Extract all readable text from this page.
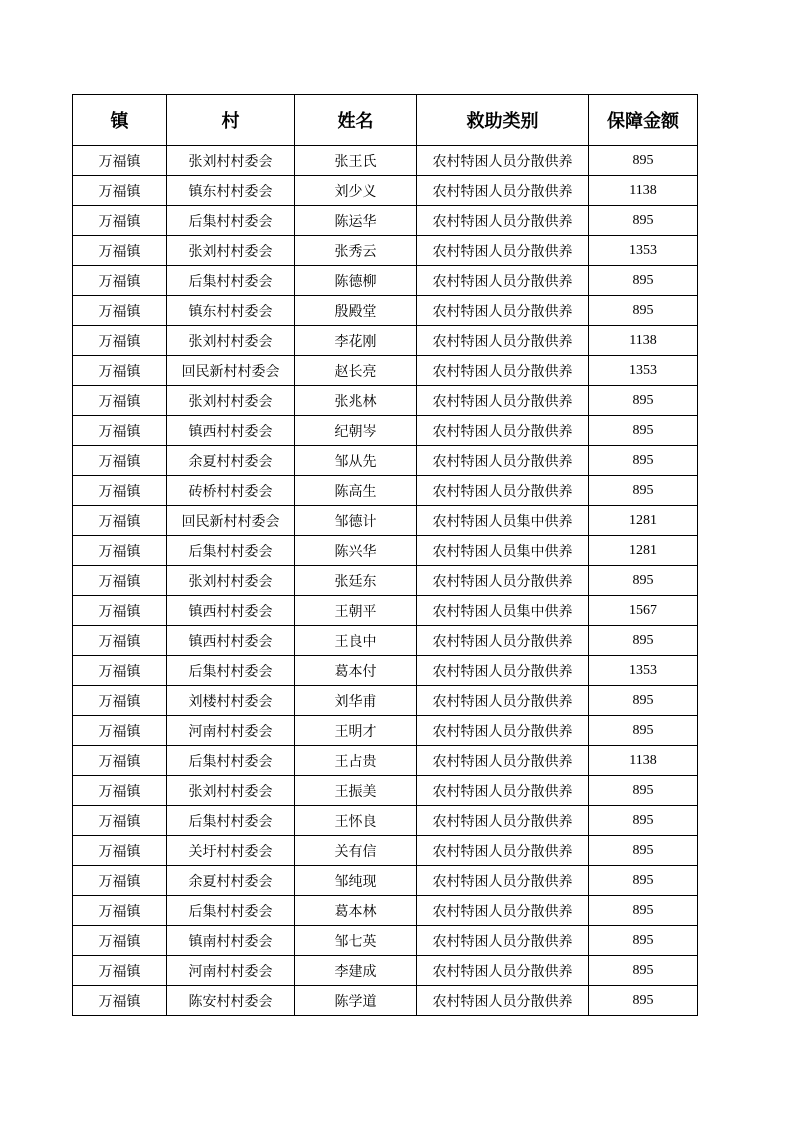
镇	村	姓名	救助类别	保障金额
万福镇	张刘村村委会	张王氏	农村特困人员分散供养	895
万福镇	镇东村村委会	刘少义	农村特困人员分散供养	1138
万福镇	后集村村委会	陈运华	农村特困人员分散供养	895
万福镇	张刘村村委会	张秀云	农村特困人员分散供养	1353
万福镇	后集村村委会	陈德柳	农村特困人员分散供养	895
万福镇	镇东村村委会	殷殿堂	农村特困人员分散供养	895
万福镇	张刘村村委会	李花刚	农村特困人员分散供养	1138
万福镇	回民新村村委会	赵长亮	农村特困人员分散供养	1353
万福镇	张刘村村委会	张兆林	农村特困人员分散供养	895
万福镇	镇西村村委会	纪朝岑	农村特困人员分散供养	895
万福镇	余夏村村委会	邹从先	农村特困人员分散供养	895
万福镇	砖桥村村委会	陈高生	农村特困人员分散供养	895
万福镇	回民新村村委会	邹德计	农村特困人员集中供养	1281
万福镇	后集村村委会	陈兴华	农村特困人员集中供养	1281
万福镇	张刘村村委会	张廷东	农村特困人员分散供养	895
万福镇	镇西村村委会	王朝平	农村特困人员集中供养	1567
万福镇	镇西村村委会	王良中	农村特困人员分散供养	895
万福镇	后集村村委会	葛本付	农村特困人员分散供养	1353
万福镇	刘楼村村委会	刘华甫	农村特困人员分散供养	895
万福镇	河南村村委会	王明才	农村特困人员分散供养	895
万福镇	后集村村委会	王占贵	农村特困人员分散供养	1138
万福镇	张刘村村委会	王振美	农村特困人员分散供养	895
万福镇	后集村村委会	王怀良	农村特困人员分散供养	895
万福镇	关圩村村委会	关有信	农村特困人员分散供养	895
万福镇	余夏村村委会	邹纯现	农村特困人员分散供养	895
万福镇	后集村村委会	葛本林	农村特困人员分散供养	895
万福镇	镇南村村委会	邹七英	农村特困人员分散供养	895
万福镇	河南村村委会	李建成	农村特困人员分散供养	895
万福镇	陈安村村委会	陈学道	农村特困人员分散供养	895
